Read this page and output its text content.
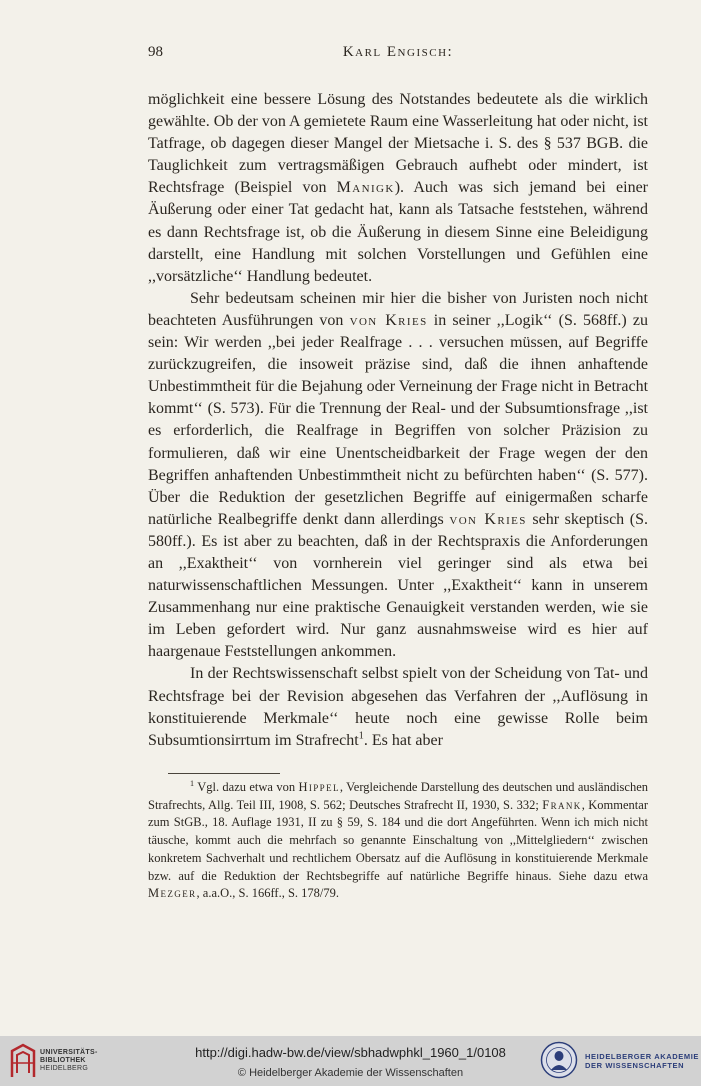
98	Karl Engisch:

möglichkeit eine bessere Lösung des Notstandes bedeutete als die wirklich gewählte. Ob der von A gemietete Raum eine Wasserleitung hat oder nicht, ist Tatfrage, ob dagegen dieser Mangel der Mietsache i. S. des § 537 BGB. die Tauglichkeit zum vertragsmäßigen Gebrauch aufhebt oder mindert, ist Rechtsfrage (Beispiel von Manigk). Auch was sich jemand bei einer Äußerung oder einer Tat gedacht hat, kann als Tatsache feststehen, während es dann Rechtsfrage ist, ob die Äußerung in diesem Sinne eine Beleidigung darstellt, eine Handlung mit solchen Vorstellungen und Gefühlen eine ,,vorsätzliche‘‘ Handlung bedeutet.

Sehr bedeutsam scheinen mir hier die bisher von Juristen noch nicht beachteten Ausführungen von von Kries in seiner ,,Logik‘‘ (S. 568ff.) zu sein: Wir werden ,,bei jeder Realfrage . . . versuchen müssen, auf Begriffe zurückzugreifen, die insoweit präzise sind, daß die ihnen anhaftende Unbestimmtheit für die Bejahung oder Verneinung der Frage nicht in Betracht kommt‘‘ (S. 573). Für die Trennung der Real- und der Subsumtionsfrage ,,ist es erforderlich, die Realfrage in Begriffen von solcher Präzision zu formulieren, daß wir eine Unentscheidbarkeit der Frage wegen der den Begriffen anhaftenden Unbestimmtheit nicht zu befürchten haben‘‘ (S. 577). Über die Reduktion der gesetzlichen Begriffe auf einigermaßen scharfe natürliche Realbegriffe denkt dann allerdings von Kries sehr skeptisch (S. 580ff.). Es ist aber zu beachten, daß in der Rechtspraxis die Anforderungen an ,,Exaktheit‘‘ von vornherein viel geringer sind als etwa bei naturwissenschaftlichen Messungen. Unter ,,Exaktheit‘‘ kann in unserem Zusammenhang nur eine praktische Genauigkeit verstanden werden, wie sie im Leben gefordert wird. Nur ganz ausnahmsweise wird es hier auf haargenaue Feststellungen ankommen.

In der Rechtswissenschaft selbst spielt von der Scheidung von Tat- und Rechtsfrage bei der Revision abgesehen das Verfahren der ,,Auflösung in konstituierende Merkmale‘‘ heute noch eine gewisse Rolle beim Subsumtionsirrtum im Strafrecht$^1$. Es hat aber

$^1$ Vgl. dazu etwa von Hippel, Vergleichende Darstellung des deutschen und ausländischen Strafrechts, Allg. Teil III, 1908, S. 562; Deutsches Strafrecht II, 1930, S. 332; Frank, Kommentar zum StGB., 18. Auflage 1931, II zu § 59, S. 184 und die dort Angeführten. Wenn ich mich nicht täusche, kommt auch die mehrfach so genannte Einschaltung von ,,Mittelgliedern‘‘ zwischen konkretem Sachverhalt und rechtlichem Obersatz auf die Auflösung in konstituierende Merkmale bzw. auf die Reduktion der Rechtsbegriffe auf natürliche Begriffe hinaus. Siehe dazu etwa Mezger, a.a.O., S. 166ff., S. 178/79.

UNIVERSITÄTS-
BIBLIOTHEK
HEIDELBERG
http://digi.hadw-bw.de/view/sbhadwphkl_1960_1/0108
© Heidelberger Akademie der Wissenschaften
HEIDELBERGER AKADEMIE
DER WISSENSCHAFTEN
